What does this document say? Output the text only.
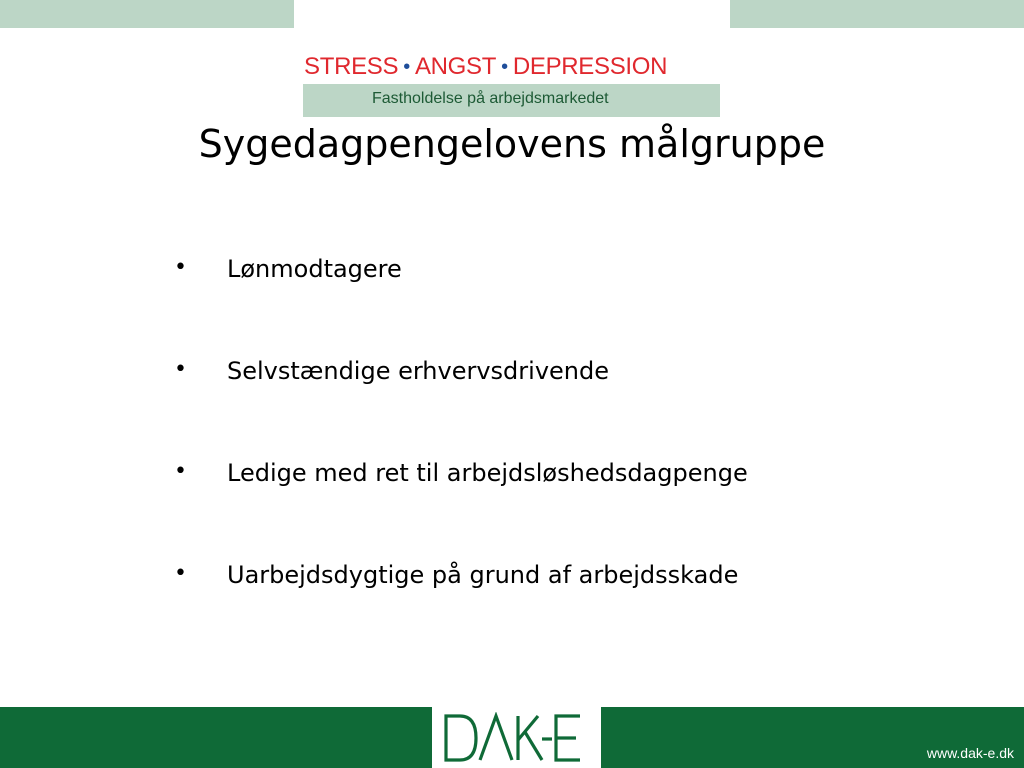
STRESS • ANGST • DEPRESSION
Fastholdelse på arbejdsmarkedet
Sygedagpengelovens målgruppe
• Lønmodtagere
• Selvstændige erhvervsdrivende
• Ledige med ret til arbejdsløshedsdagpenge
• Uarbejdsdygtige på grund af arbejdsskade
www.dak-e.dk
